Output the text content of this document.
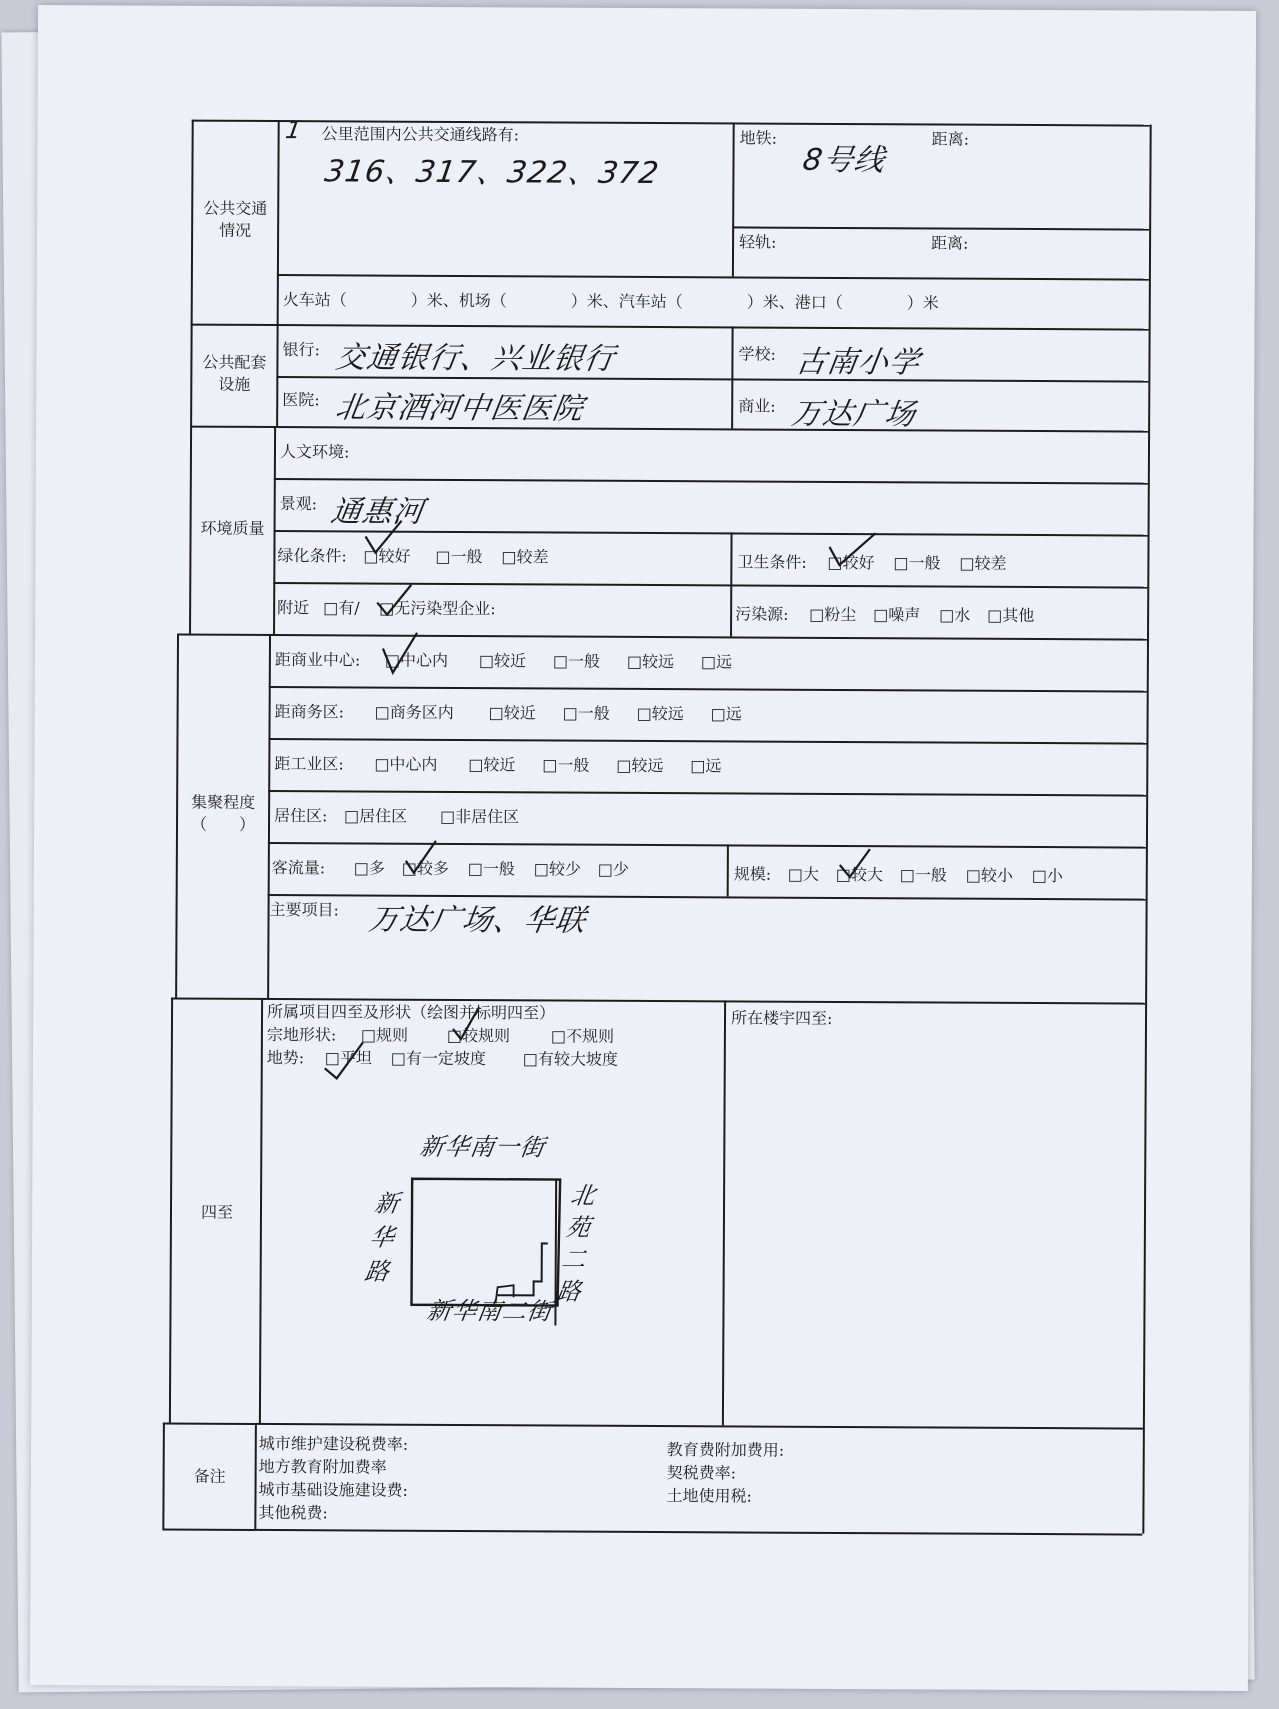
公共交通
情况
1 公里范围内公共交通线路有:
316、317、322、372
地铁:
8号线
距离:
轻轨:	距离:
火车站（　　　　）米、机场（　　　　）米、汽车站（　　　　）米、港口（　　　　）米
公共配套
设施
银行: 交通银行、兴业银行	学校: 古南小学
医院: 北京酒河中医医院	商业: 万达广场
环境质量
人文环境:
景观: 通惠河
绿化条件: □较好 □一般 □较差	卫生条件: □较好 □一般 □较差
附近 □有/ □无污染型企业:	污染源: □粉尘 □噪声 □水 □其他
集聚程度
（　　）
距商业中心: □中心内 □较近 □一般 □较远 □远
距商务区: □商务区内 □较近 □一般 □较远 □远
距工业区: □中心内 □较近 □一般 □较远 □远
居住区: □居住区 □非居住区
客流量: □多 □较多 □一般 □较少 □少	规模: □大 □较大 □一般 □较小 □小
主要项目: 万达广场、华联
四至
所属项目四至及形状（绘图并标明四至）
宗地形状: □规则 □较规则	□不规则
地势: □平坦 □有一定坡度 □有较大坡度
所在楼宇四至:
新华南一街
新华南二街
新华路
北苑二路
备注
城市维护建设税费率:
地方教育附加费率
城市基础设施建设费:
其他税费:
教育费附加费用:
契税费率:
土地使用税:
